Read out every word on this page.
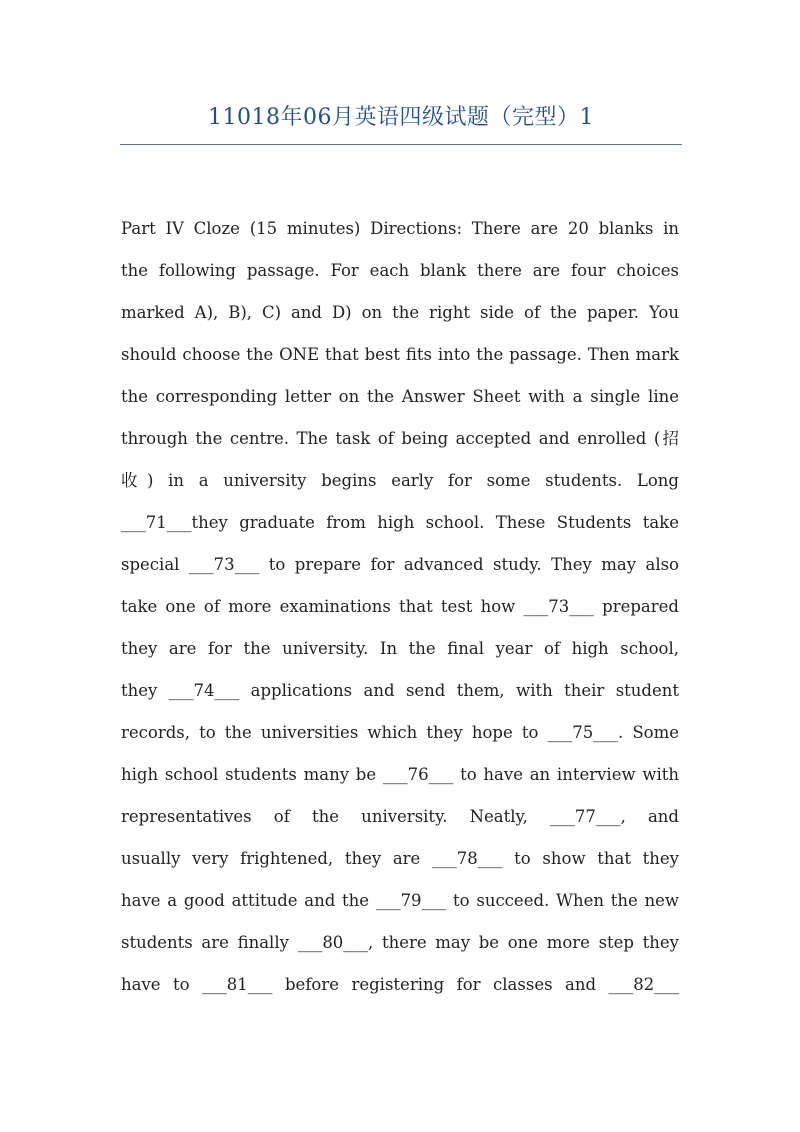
11018年06月英语四级试题（完型）1
Part IV Cloze (15 minutes) Directions: There are 20 blanks in
the following passage. For each blank there are four choices
marked A), B), C) and D) on the right side of the paper. You
should choose the ONE that best fits into the passage. Then mark
the corresponding letter on the Answer Sheet with a single line
through the centre. The task of being accepted and enrolled (招
收) in a university begins early for some students. Long
___71___they graduate from high school. These Students take
special ___73___ to prepare for advanced study. They may also
take one of more examinations that test how ___73___ prepared
they are for the university. In the final year of high school,
they ___74___ applications and send them, with their student
records, to the universities which they hope to ___75___. Some
high school students many be ___76___ to have an interview with
representatives of the university. Neatly, ___77___, and
usually very frightened, they are ___78___ to show that they
have a good attitude and the ___79___ to succeed. When the new
students are finally ___80___, there may be one more step they
have to ___81___ before registering for classes and ___82___
